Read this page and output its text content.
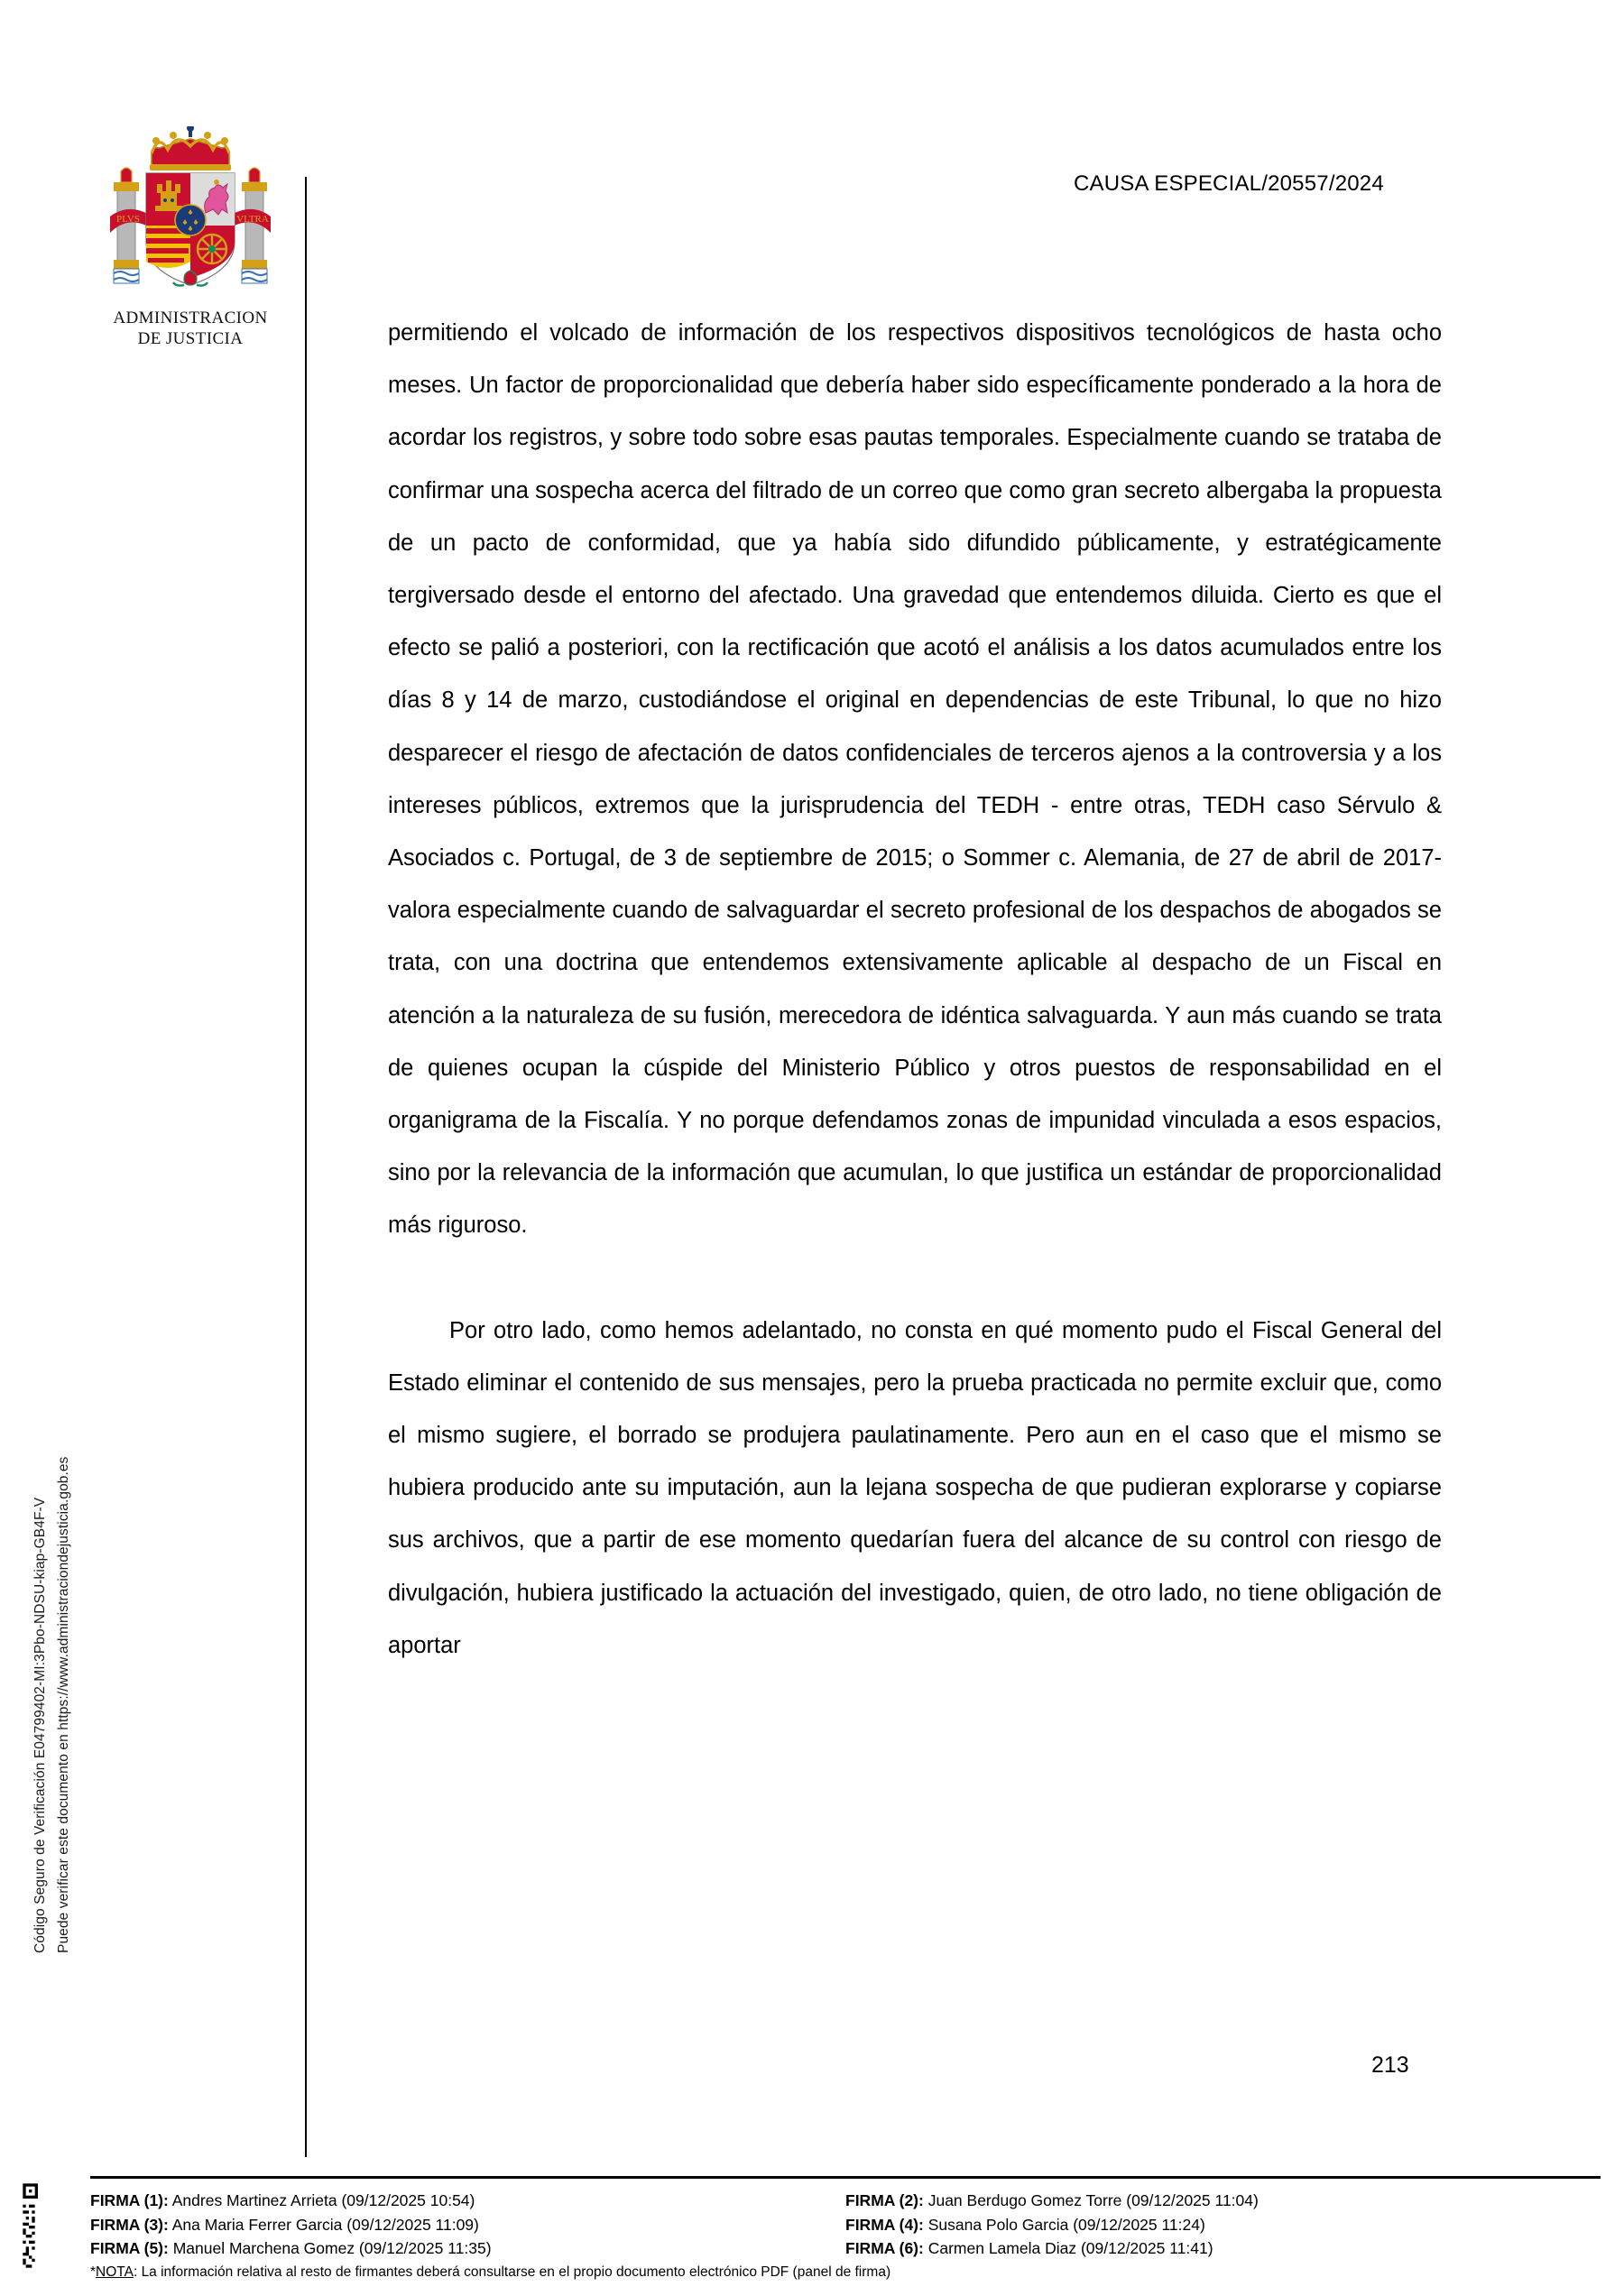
Código Seguro de Verificación E04799402-MI:3Pbo-NDSU-kiap-GB4F-V Puede verificar este documento en https://www.administraciondejusticia.gob.es
PLVS	VLTRA
ADMINISTRACION
DE JUSTICIA
CAUSA ESPECIAL/20557/2024

permitiendo el volcado de información de los respectivos dispositivos tecnológicos de hasta ocho meses. Un factor de proporcionalidad que debería haber sido específicamente ponderado a la hora de acordar los registros, y sobre todo sobre esas pautas temporales. Especialmente cuando se trataba de confirmar una sospecha acerca del filtrado de un correo que como gran secreto albergaba la propuesta de un pacto de conformidad, que ya había sido difundido públicamente, y estratégicamente tergiversado desde el entorno del afectado. Una gravedad que entendemos diluida. Cierto es que el efecto se palió a posteriori, con la rectificación que acotó el análisis a los datos acumulados entre los días 8 y 14 de marzo, custodiándose el original en dependencias de este Tribunal, lo que no hizo desparecer el riesgo de afectación de datos confidenciales de terceros ajenos a la controversia y a los intereses públicos, extremos que la jurisprudencia del TEDH - entre otras, TEDH caso Sérvulo & Asociados c. Portugal, de 3 de septiembre de 2015; o Sommer c. Alemania, de 27 de abril de 2017- valora especialmente cuando de salvaguardar el secreto profesional de los despachos de abogados se trata, con una doctrina que entendemos extensivamente aplicable al despacho de un Fiscal en atención a la naturaleza de su fusión, merecedora de idéntica salvaguarda. Y aun más cuando se trata de quienes ocupan la cúspide del Ministerio Público y otros puestos de responsabilidad en el organigrama de la Fiscalía. Y no porque defendamos zonas de impunidad vinculada a esos espacios, sino por la relevancia de la información que acumulan, lo que justifica un estándar de proporcionalidad más riguroso.

Por otro lado, como hemos adelantado, no consta en qué momento pudo el Fiscal General del Estado eliminar el contenido de sus mensajes, pero la prueba practicada no permite excluir que, como el mismo sugiere, el borrado se produjera paulatinamente. Pero aun en el caso que el mismo se hubiera producido ante su imputación, aun la lejana sospecha de que pudieran explorarse y copiarse sus archivos, que a partir de ese momento quedarían fuera del alcance de su control con riesgo de divulgación, hubiera justificado la actuación del investigado, quien, de otro lado, no tiene obligación de aportar

213
FIRMA (1): Andres Martinez Arrieta (09/12/2025 10:54)
FIRMA (3): Ana Maria Ferrer Garcia (09/12/2025 11:09)
FIRMA (5): Manuel Marchena Gomez (09/12/2025 11:35)
FIRMA (2): Juan Berdugo Gomez Torre (09/12/2025 11:04)
FIRMA (4): Susana Polo Garcia (09/12/2025 11:24)
FIRMA (6): Carmen Lamela Diaz (09/12/2025 11:41)
*NOTA: La información relativa al resto de firmantes deberá consultarse en el propio documento electrónico PDF (panel de firma)
